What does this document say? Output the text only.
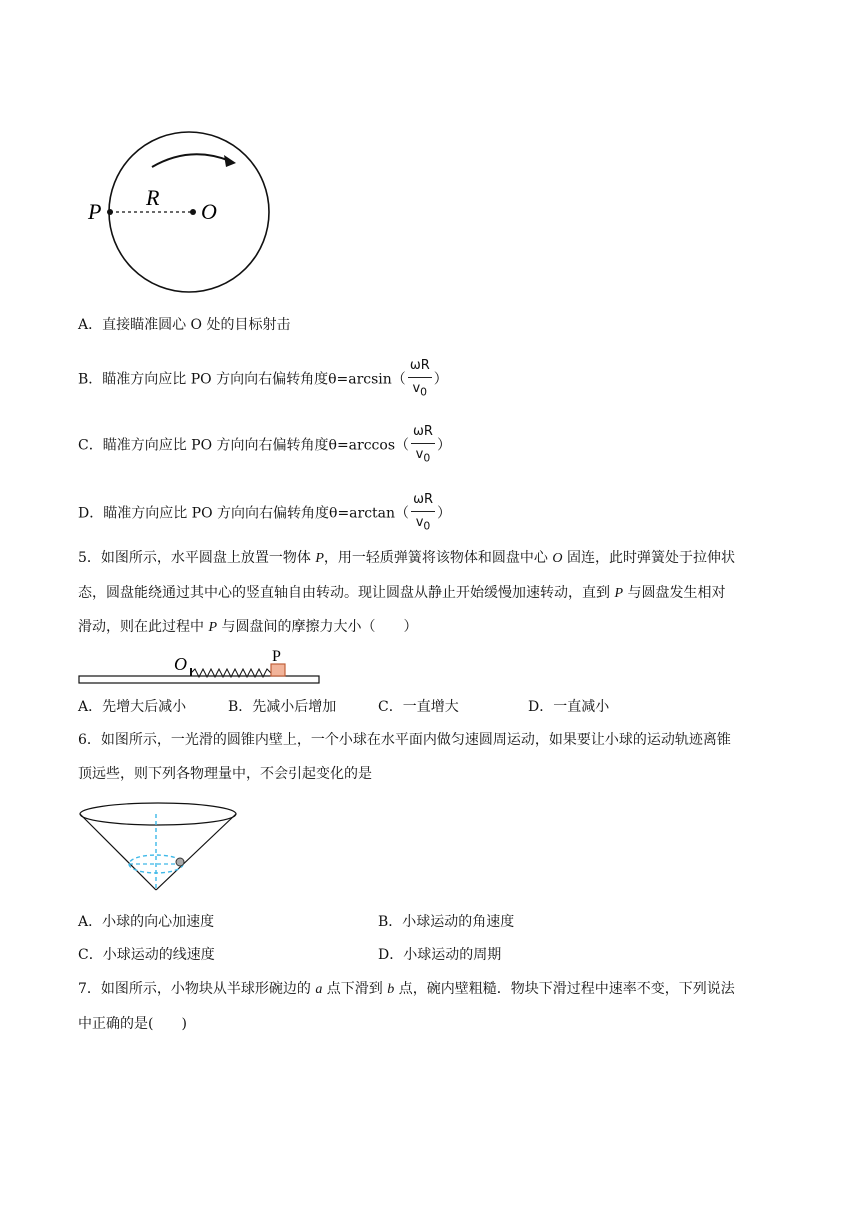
P
R
O
A．直接瞄准圆心 O 处的目标射击
B．瞄准方向应比 PO 方向向右偏转角度$\theta=\arcsin( \frac{\omega R}{v_0}$ ）
C．瞄准方向应比 PO 方向向右偏转角度$\theta=\arccos( \frac{\omega R}{v_0}$ ）
D．瞄准方向应比 PO 方向向右偏转角度$\theta=\arctan( \frac{\omega R}{v_0}$ ）
5．如图所示，水平圆盘上放置一物体 P，用一轻质弹簧将该物体和圆盘中心 O 固连，此时弹簧处于拉伸状
态，圆盘能绕通过其中心的竖直轴自由转动。现让圆盘从静止开始缓慢加速转动，直到 P 与圆盘发生相对
滑动，则在此过程中 P 与圆盘间的摩擦力大小（　　）
O	P
A．先增大后减小	B．先减小后增加	C．一直增大	D．一直减小
6．如图所示，一光滑的圆锥内壁上，一个小球在水平面内做匀速圆周运动，如果要让小球的运动轨迹离锥
顶远些，则下列各物理量中，不会引起变化的是
A．小球的向心加速度	B．小球运动的角速度
C．小球运动的线速度	D．小球运动的周期
7．如图所示，小物块从半球形碗边的 a 点下滑到 b 点，碗内壁粗糙．物块下滑过程中速率不变，下列说法
中正确的是(　　)
